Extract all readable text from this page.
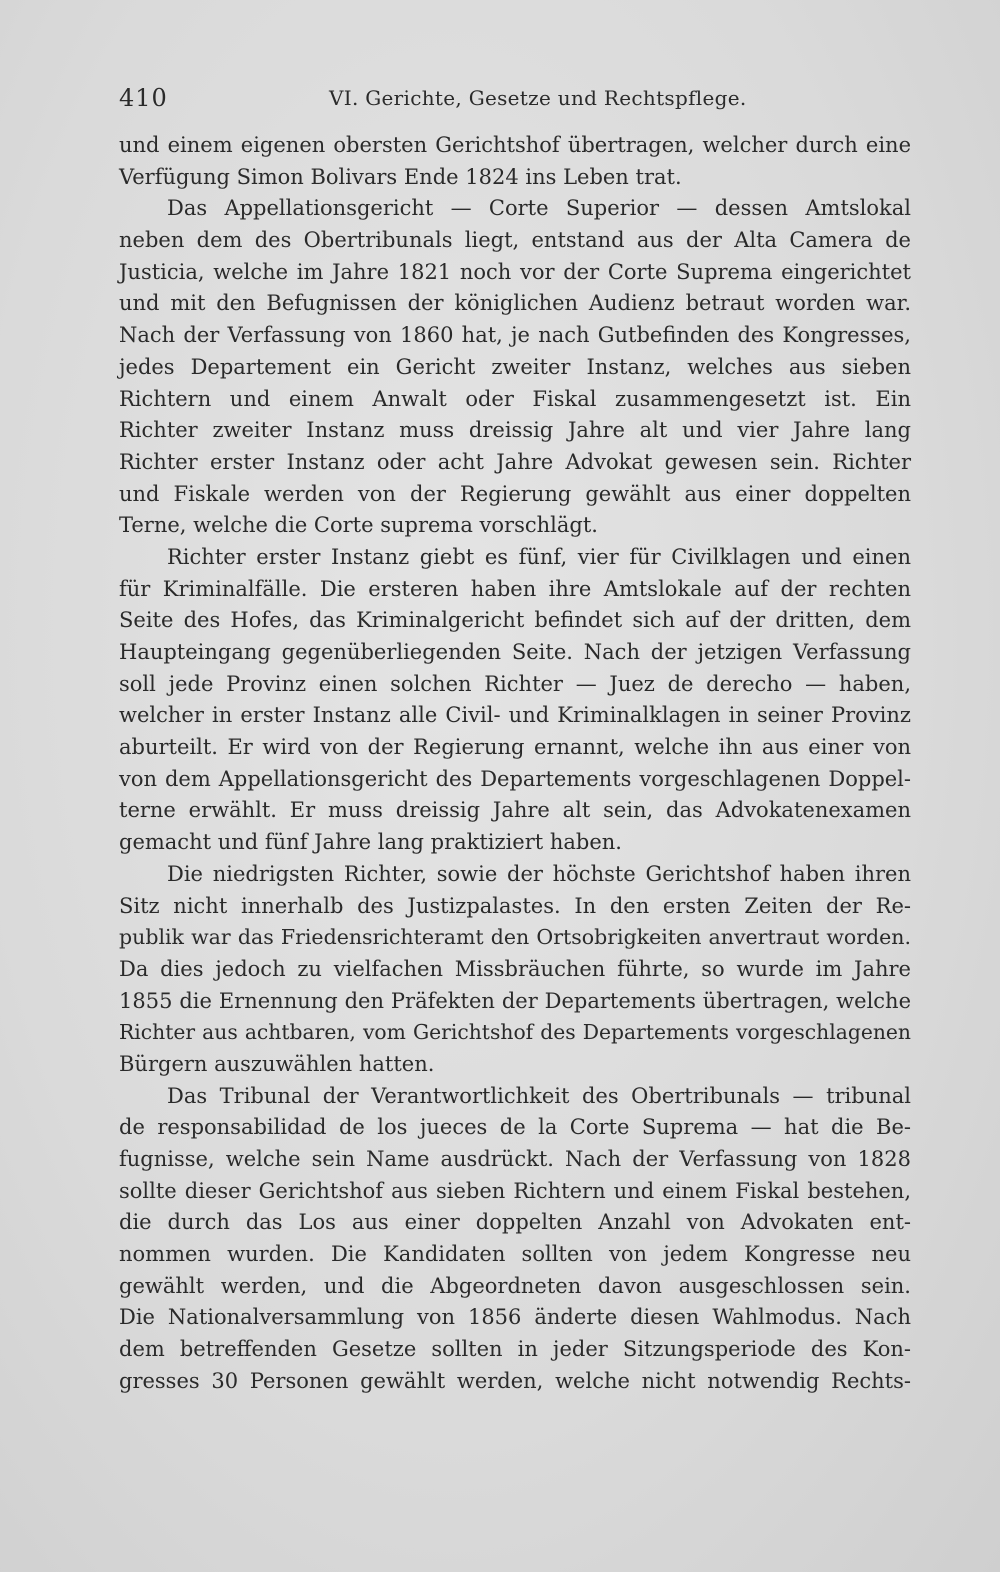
410	VI. Gerichte, Gesetze und Rechtspflege.
und einem eigenen obersten Gerichtshof übertragen, welcher durch eine
Verfügung Simon Bolivars Ende 1824 ins Leben trat.
Das Appellationsgericht — Corte Superior — dessen Amtslokal
neben dem des Obertribunals liegt, entstand aus der Alta Camera de
Justicia, welche im Jahre 1821 noch vor der Corte Suprema eingerichtet
und mit den Befugnissen der königlichen Audienz betraut worden war.
Nach der Verfassung von 1860 hat, je nach Gutbefinden des Kongresses,
jedes Departement ein Gericht zweiter Instanz, welches aus sieben
Richtern und einem Anwalt oder Fiskal zusammengesetzt ist. Ein
Richter zweiter Instanz muss dreissig Jahre alt und vier Jahre lang
Richter erster Instanz oder acht Jahre Advokat gewesen sein. Richter
und Fiskale werden von der Regierung gewählt aus einer doppelten
Terne, welche die Corte suprema vorschlägt.
Richter erster Instanz giebt es fünf, vier für Civilklagen und einen
für Kriminalfälle. Die ersteren haben ihre Amtslokale auf der rechten
Seite des Hofes, das Kriminalgericht befindet sich auf der dritten, dem
Haupteingang gegenüberliegenden Seite. Nach der jetzigen Verfassung
soll jede Provinz einen solchen Richter — Juez de derecho — haben,
welcher in erster Instanz alle Civil- und Kriminalklagen in seiner Provinz
aburteilt. Er wird von der Regierung ernannt, welche ihn aus einer von
von dem Appellationsgericht des Departements vorgeschlagenen Doppel-
terne erwählt. Er muss dreissig Jahre alt sein, das Advokatenexamen
gemacht und fünf Jahre lang praktiziert haben.
Die niedrigsten Richter, sowie der höchste Gerichtshof haben ihren
Sitz nicht innerhalb des Justizpalastes. In den ersten Zeiten der Re-
publik war das Friedensrichteramt den Ortsobrigkeiten anvertraut worden.
Da dies jedoch zu vielfachen Missbräuchen führte, so wurde im Jahre
1855 die Ernennung den Präfekten der Departements übertragen, welche
Richter aus achtbaren, vom Gerichtshof des Departements vorgeschlagenen
Bürgern auszuwählen hatten.
Das Tribunal der Verantwortlichkeit des Obertribunals — tribunal
de responsabilidad de los jueces de la Corte Suprema — hat die Be-
fugnisse, welche sein Name ausdrückt. Nach der Verfassung von 1828
sollte dieser Gerichtshof aus sieben Richtern und einem Fiskal bestehen,
die durch das Los aus einer doppelten Anzahl von Advokaten ent-
nommen wurden. Die Kandidaten sollten von jedem Kongresse neu
gewählt werden, und die Abgeordneten davon ausgeschlossen sein.
Die Nationalversammlung von 1856 änderte diesen Wahlmodus. Nach
dem betreffenden Gesetze sollten in jeder Sitzungsperiode des Kon-
gresses 30 Personen gewählt werden, welche nicht notwendig Rechts-
